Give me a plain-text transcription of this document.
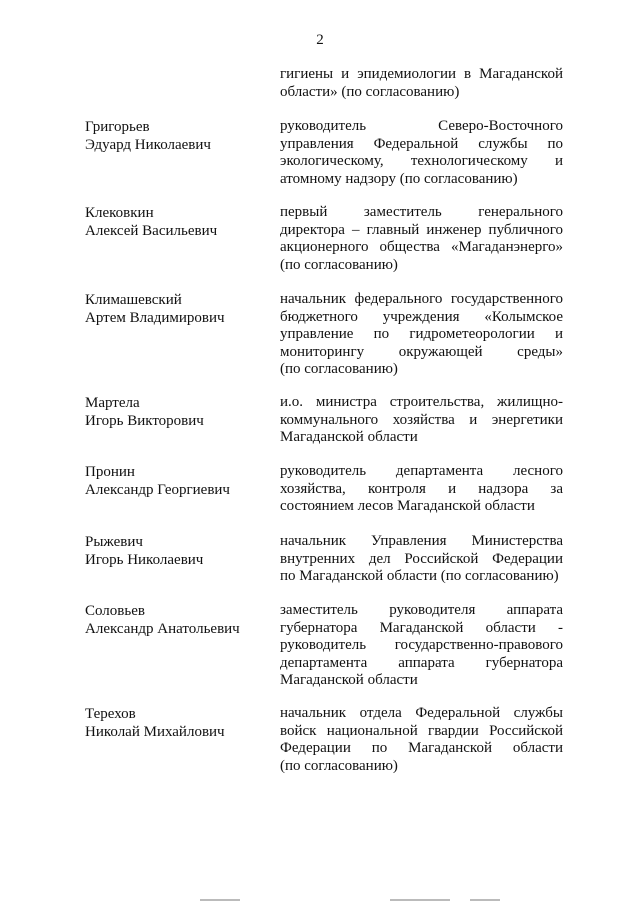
2
гигиены и эпидемиологии в Магаданской
области» (по согласованию)
Григорьев
Эдуард Николаевич
руководитель Северо-Восточного
управления Федеральной службы по
экологическому, технологическому и
атомному надзору (по согласованию)
Клековкин
Алексей Васильевич
первый заместитель генерального
директора – главный инженер публичного
акционерного общества «Магаданэнерго»
(по согласованию)
Климашевский
Артем Владимирович
начальник федерального государственного
бюджетного учреждения «Колымское
управление по гидрометеорологии и
мониторингу окружающей среды»
(по согласованию)
Мартела
Игорь Викторович
и.о. министра строительства, жилищно-
коммунального хозяйства и энергетики
Магаданской области
Пронин
Александр Георгиевич
руководитель департамента лесного
хозяйства, контроля и надзора за
состоянием лесов Магаданской области
Рыжевич
Игорь Николаевич
начальник Управления Министерства
внутренних дел Российской Федерации
по Магаданской области (по согласованию)
Соловьев
Александр Анатольевич
заместитель руководителя аппарата
губернатора Магаданской области -
руководитель государственно-правового
департамента аппарата губернатора
Магаданской области
Терехов
Николай Михайлович
начальник отдела Федеральной службы
войск национальной гвардии Российской
Федерации по Магаданской области
(по согласованию)
